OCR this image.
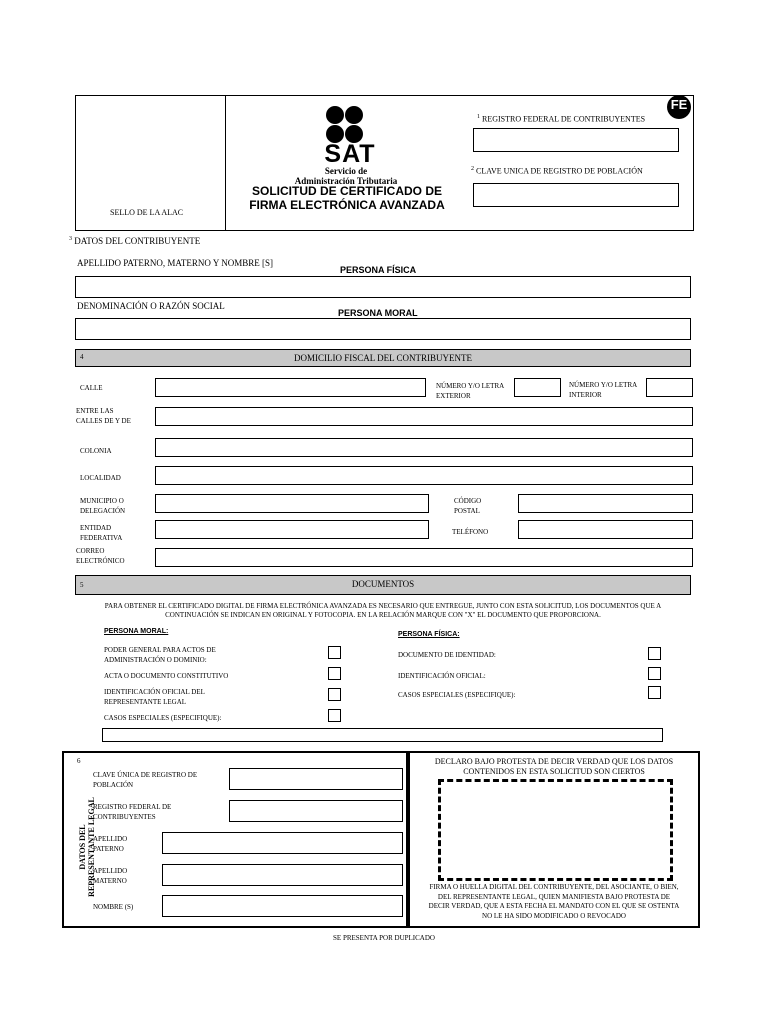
FE
SAT
Servicio de
Administración Tributaria
SOLICITUD DE CERTIFICADO DE
FIRMA ELECTRÓNICA AVANZADA
SELLO DE LA ALAC
$^1$ REGISTRO FEDERAL DE CONTRIBUYENTES
$^2$ CLAVE UNICA DE REGISTRO DE POBLACIÓN
$^3$ DATOS DEL CONTRIBUYENTE
APELLIDO PATERNO, MATERNO Y NOMBRE [S]
PERSONA FÍSICA
DENOMINACIÓN O RAZÓN SOCIAL
PERSONA MORAL
4	DOMICILIO FISCAL DEL CONTRIBUYENTE
CALLE	NÚMERO Y/O LETRA
EXTERIOR
NÚMERO Y/O LETRA
INTERIOR
ENTRE LAS
CALLES DE Y DE
COLONIA
LOCALIDAD
MUNICIPIO O
DELEGACIÓN
CÓDIGO
POSTAL
ENTIDAD
FEDERATIVA
TELÉFONO
CORREO
ELECTRÓNICO
5	DOCUMENTOS
PARA OBTENER EL CERTIFICADO DIGITAL DE FIRMA ELECTRÓNICA AVANZADA ES NECESARIO QUE ENTREGUE, JUNTO CON ESTA SOLICITUD, LOS DOCUMENTOS QUE A
CONTINUACIÓN SE INDICAN EN ORIGINAL Y FOTOCOPIA. EN LA RELACIÓN MARQUE CON "X" EL DOCUMENTO QUE PROPORCIONA.
PERSONA MORAL:	PERSONA FÍSICA:
PODER GENERAL PARA ACTOS DE
ADMINISTRACIÓN O DOMINIO:
ACTA O DOCUMENTO CONSTITUTIVO
IDENTIFICACIÓN OFICIAL DEL
REPRESENTANTE LEGAL
CASOS ESPECIALES (ESPECIFIQUE):
DOCUMENTO DE IDENTIDAD:
IDENTIFICACIÓN OFICIAL:
CASOS ESPECIALES (ESPECIFIQUE):
6
DATOS DEL REPRESENTANTE LEGAL
CLAVE ÚNICA DE REGISTRO DE
POBLACIÓN
REGISTRO FEDERAL DE
CONTRIBUYENTES
APELLIDO
PATERNO
APELLIDO
MATERNO
NOMBRE (S)
DECLARO BAJO PROTESTA DE DECIR VERDAD QUE LOS DATOS
CONTENIDOS EN ESTA SOLICITUD SON CIERTOS
FIRMA O HUELLA DIGITAL DEL CONTRIBUYENTE, DEL ASOCIANTE, O BIEN,
DEL REPRESENTANTE LEGAL, QUIEN MANIFIESTA BAJO PROTESTA DE
DECIR VERDAD, QUE A ESTA FECHA EL MANDATO CON EL QUE SE OSTENTA
NO LE HA SIDO MODIFICADO O REVOCADO
SE PRESENTA POR DUPLICADO
